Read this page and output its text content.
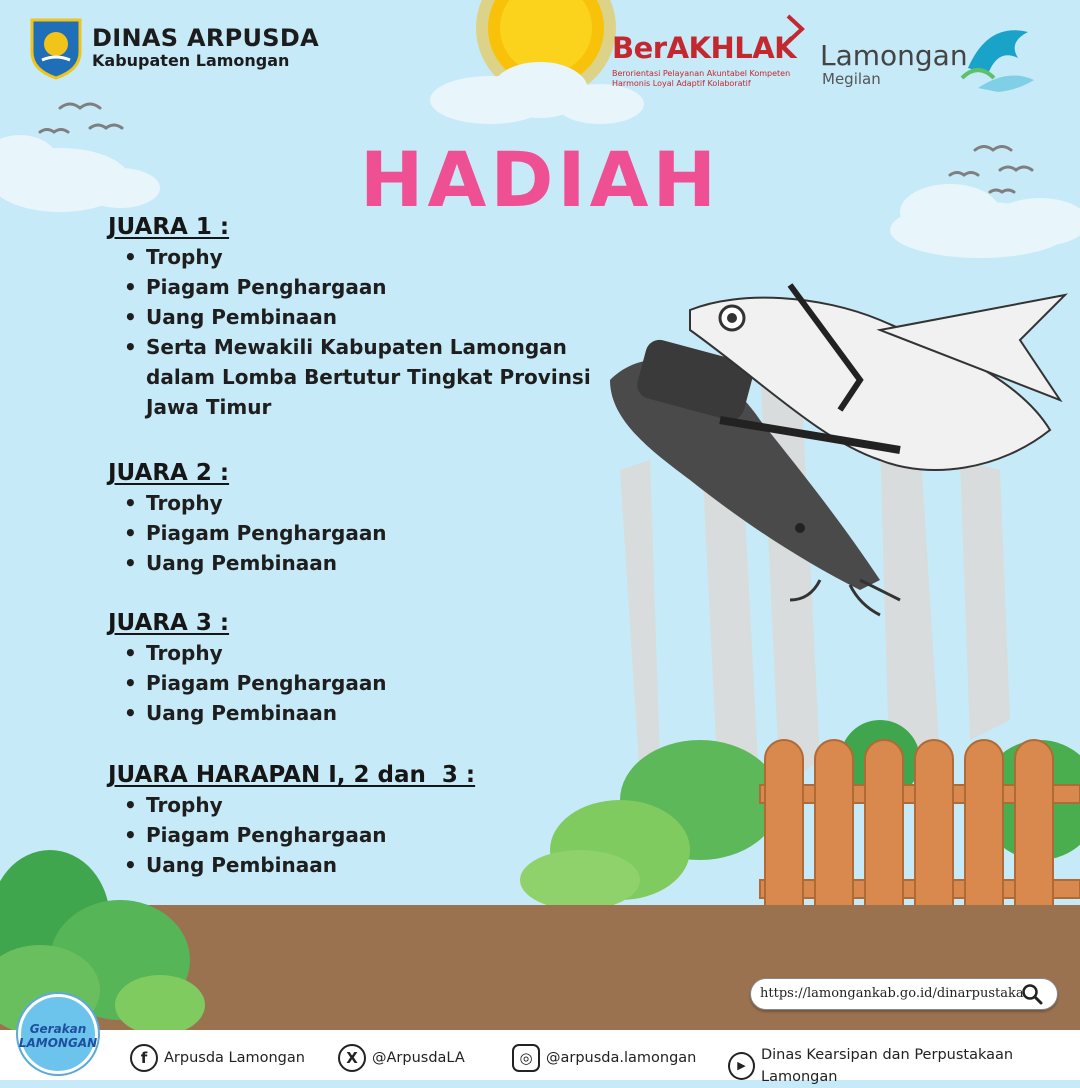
DINAS ARPUSDA
Kabupaten Lamongan	BerAKHLAK
Berorientasi Pelayanan Akuntabel Kompeten Harmonis Loyal Adaptif Kolaboratif
Lamongan
Megilan
HADIAH
JUARA 1 :
• Trophy
• Piagam Penghargaan
• Uang Pembinaan
• Serta Mewakili Kabupaten Lamongan dalam Lomba Bertutur Tingkat Provinsi Jawa Timur
JUARA 2 :
• Trophy
• Piagam Penghargaan
• Uang Pembinaan
JUARA 3 :
• Trophy
• Piagam Penghargaan
• Uang Pembinaan
JUARA HARAPAN I, 2 dan  3 :
• Trophy
• Piagam Penghargaan
• Uang Pembinaan
https://lamongankab.go.id/dinarpustaka
Gerakan LAMONGAN
f	Arpusda Lamongan	X @ArpusdaLA	◎ @arpusda.lamongan	▶
Dinas Kearsipan dan Perpustakaan Lamongan
